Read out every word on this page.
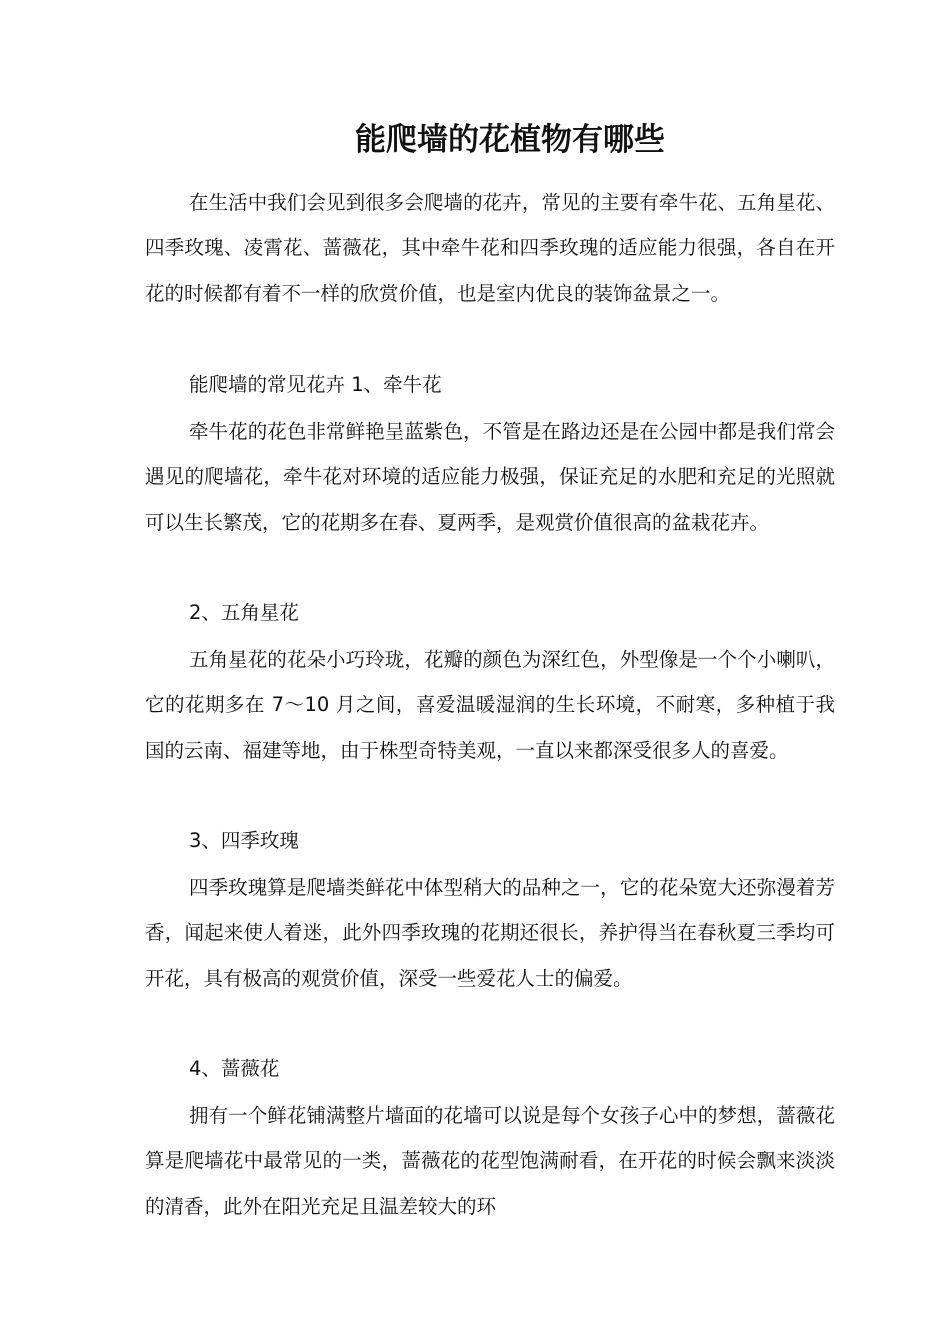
能爬墙的花植物有哪些

在生活中我们会见到很多会爬墙的花卉，常见的主要有牵牛花、五角星花、四季玫瑰、凌霄花、蔷薇花，其中牵牛花和四季玫瑰的适应能力很强，各自在开花的时候都有着不一样的欣赏价值，也是室内优良的装饰盆景之一。

能爬墙的常见花卉 1、牵牛花

牵牛花的花色非常鲜艳呈蓝紫色，不管是在路边还是在公园中都是我们常会遇见的爬墙花，牵牛花对环境的适应能力极强，保证充足的水肥和充足的光照就可以生长繁茂，它的花期多在春、夏两季，是观赏价值很高的盆栽花卉。

2、五角星花

五角星花的花朵小巧玲珑，花瓣的颜色为深红色，外型像是一个个小喇叭，它的花期多在 7～10 月之间，喜爱温暖湿润的生长环境，不耐寒，多种植于我国的云南、福建等地，由于株型奇特美观，一直以来都深受很多人的喜爱。

3、四季玫瑰

四季玫瑰算是爬墙类鲜花中体型稍大的品种之一，它的花朵宽大还弥漫着芳香，闻起来使人着迷，此外四季玫瑰的花期还很长，养护得当在春秋夏三季均可开花，具有极高的观赏价值，深受一些爱花人士的偏爱。

4、蔷薇花

拥有一个鲜花铺满整片墙面的花墙可以说是每个女孩子心中的梦想，蔷薇花算是爬墙花中最常见的一类，蔷薇花的花型饱满耐看，在开花的时候会飘来淡淡的清香，此外在阳光充足且温差较大的环
